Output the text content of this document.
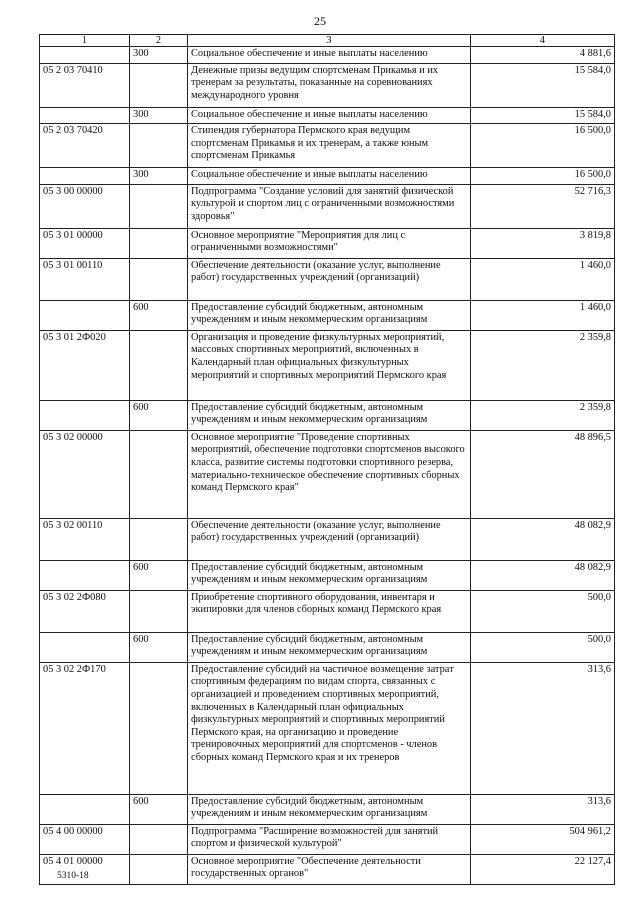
25
1	2	3	4
	300	Социальное обеспечение и иные выплаты населению	4 881,6
05 2 03 70410		Денежные призы ведущим спортсменам Прикамья и их тренерам за результаты, показанные на соревнованиях международного уровня	15 584,0
	300	Социальное обеспечение и иные выплаты населению	15 584,0
05 2 03 70420		Стипендия губернатора Пермского края ведущим спортсменам Прикамья и их тренерам, а также юным спортсменам Прикамья	16 500,0
	300	Социальное обеспечение и иные выплаты населению	16 500,0
05 3 00 00000		Подпрограмма "Создание условий для занятий физической культурой и спортом лиц с ограниченными возможностями здоровья"	52 716,3
05 3 01 00000		Основное мероприятие "Мероприятия для лиц с ограниченными возможностями"	3 819,8
05 3 01 00110		Обеспечение деятельности (оказание услуг, выполнение работ) государственных учреждений (организаций)	1 460,0
	600	Предоставление субсидий бюджетным, автономным учреждениям и иным некоммерческим организациям	1 460,0
05 3 01 2Ф020		Организация и проведение физкультурных мероприятий, массовых спортивных мероприятий, включенных в Календарный план официальных физкультурных мероприятий и спортивных мероприятий Пермского края	2 359,8
	600	Предоставление субсидий бюджетным, автономным учреждениям и иным некоммерческим организациям	2 359,8
05 3 02 00000		Основное мероприятие "Проведение спортивных мероприятий, обеспечение подготовки спортсменов высокого класса, развитие системы подготовки спортивного резерва, материально-техническое обеспечение спортивных сборных команд Пермского края"	48 896,5
05 3 02 00110		Обеспечение деятельности (оказание услуг, выполнение работ) государственных учреждений (организаций)	48 082,9
	600	Предоставление субсидий бюджетным, автономным учреждениям и иным некоммерческим организациям	48 082,9
05 3 02 2Ф080		Приобретение спортивного оборудования, инвентаря и экипировки для членов сборных команд Пермского края	500,0
	600	Предоставление субсидий бюджетным, автономным учреждениям и иным некоммерческим организациям	500,0
05 3 02 2Ф170		Предоставление субсидий на частичное возмещение затрат спортивным федерациям по видам спорта, связанных с организацией и проведением спортивных мероприятий, включенных в Календарный план официальных физкультурных мероприятий и спортивных мероприятий Пермского края, на организацию и проведение тренировочных мероприятий для спортсменов - членов сборных команд Пермского края и их тренеров	313,6
	600	Предоставление субсидий бюджетным, автономным учреждениям и иным некоммерческим организациям	313,6
05 4 00 00000		Подпрограмма "Расширение возможностей для занятий спортом и физической культурой"	504 961,2
05 4 01 00000		Основное мероприятие "Обеспечение деятельности государственных органов"	22 127,4
5310-18
